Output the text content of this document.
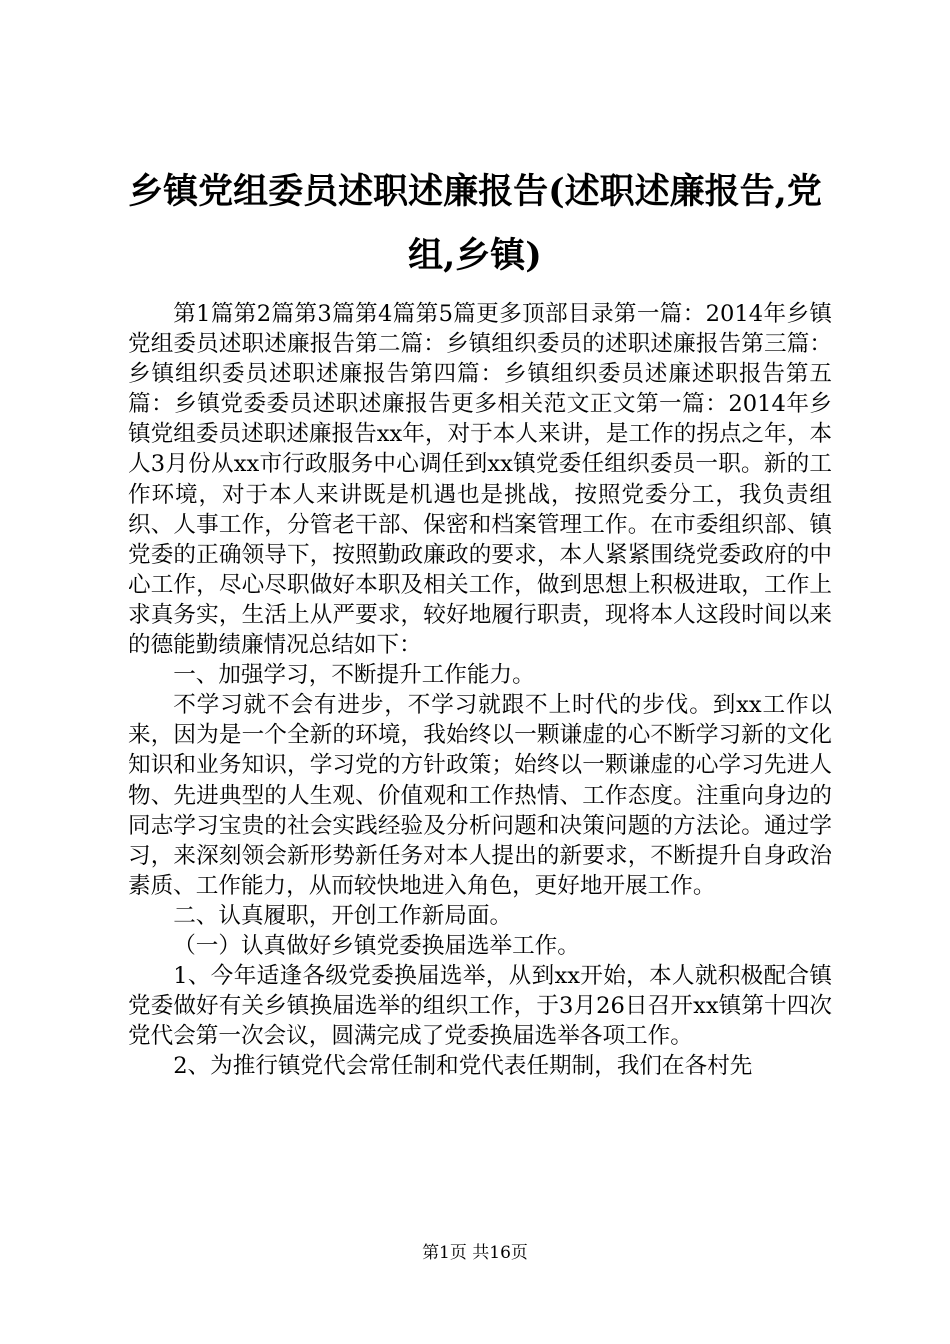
乡镇党组委员述职述廉报告(述职述廉报告,党组,乡镇)

第1篇第2篇第3篇第4篇第5篇更多顶部目录第一篇：2014年乡镇党组委员述职述廉报告第二篇：乡镇组织委员的述职述廉报告第三篇：乡镇组织委员述职述廉报告第四篇：乡镇组织委员述廉述职报告第五篇：乡镇党委委员述职述廉报告更多相关范文正文第一篇：2014年乡镇党组委员述职述廉报告xx年，对于本人来讲，是工作的拐点之年，本人3月份从xx市行政服务中心调任到xx镇党委任组织委员一职。新的工作环境，对于本人来讲既是机遇也是挑战，按照党委分工，我负责组织、人事工作，分管老干部、保密和档案管理工作。在市委组织部、镇党委的正确领导下，按照勤政廉政的要求，本人紧紧围绕党委政府的中心工作，尽心尽职做好本职及相关工作，做到思想上积极进取，工作上求真务实，生活上从严要求，较好地履行职责，现将本人这段时间以来的德能勤绩廉情况总结如下：

一、加强学习，不断提升工作能力。

不学习就不会有进步，不学习就跟不上时代的步伐。到xx工作以来，因为是一个全新的环境，我始终以一颗谦虚的心不断学习新的文化知识和业务知识，学习党的方针政策；始终以一颗谦虚的心学习先进人物、先进典型的人生观、价值观和工作热情、工作态度。注重向身边的同志学习宝贵的社会实践经验及分析问题和决策问题的方法论。通过学习，来深刻领会新形势新任务对本人提出的新要求，不断提升自身政治素质、工作能力，从而较快地进入角色，更好地开展工作。

二、认真履职，开创工作新局面。

（一）认真做好乡镇党委换届选举工作。

1、今年适逢各级党委换届选举，从到xx开始，本人就积极配合镇党委做好有关乡镇换届选举的组织工作，于3月26日召开xx镇第十四次党代会第一次会议，圆满完成了党委换届选举各项工作。

2、为推行镇党代会常任制和党代表任期制，我们在各村先

第1页 共16页
